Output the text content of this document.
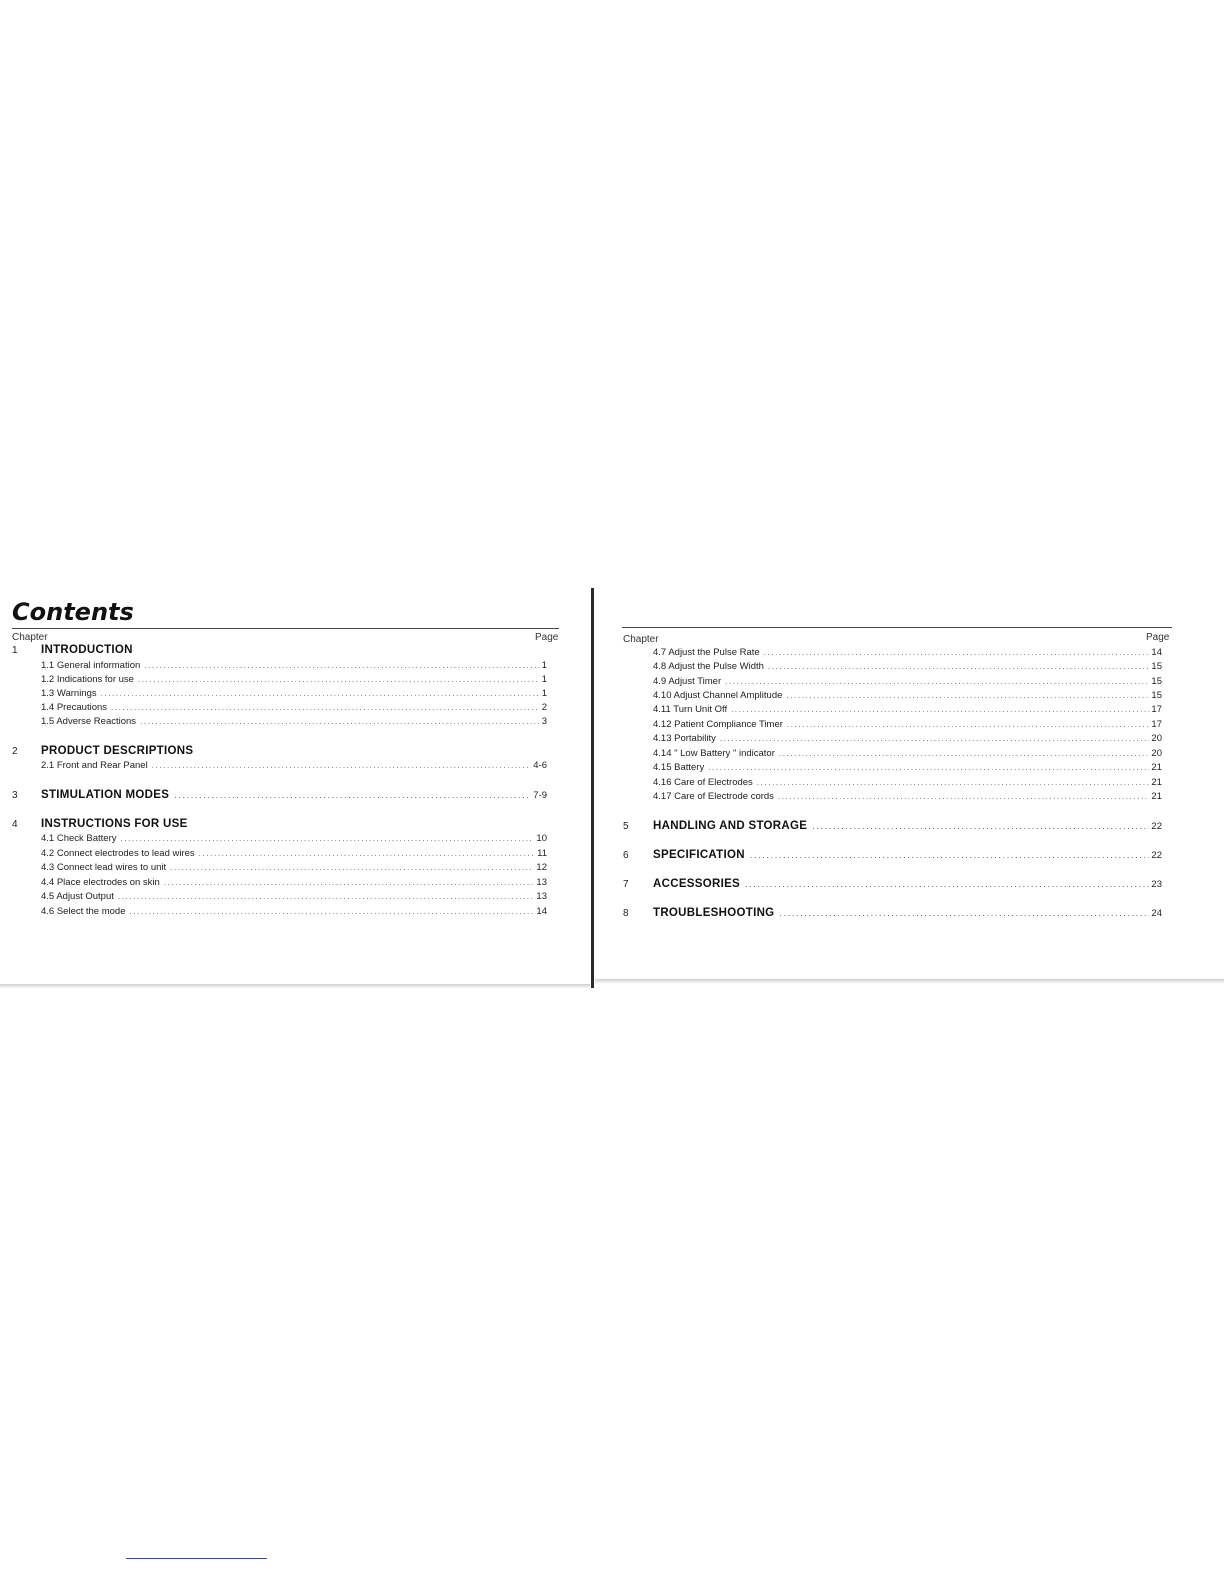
Contents
Chapter	Page
1 INTRODUCTION
1.1 General information .....	1
1.2 Indications for use .....	1
1.3 Warnings .....	1
1.4 Precautions .....	2
1.5 Adverse Reactions .....	3
2 PRODUCT DESCRIPTIONS
2.1 Front and Rear Panel .....	4-6
3 STIMULATION MODES .....	7-9
4 INSTRUCTIONS FOR USE
4.1 Check Battery .....	10
4.2 Connect electrodes to lead wires .....	11
4.3 Connect lead wires to unit .....	12
4.4 Place electrodes on skin .....	13
4.5 Adjust Output .....	13
4.6 Select the mode .....	14
Chapter	Page
4.7 Adjust the Pulse Rate .....	14
4.8 Adjust the Pulse Width .....	15
4.9 Adjust Timer .....	15
4.10 Adjust Channel Amplitude .....	15
4.11 Turn Unit Off .....	17
4.12 Patient Compliance Timer .....	17
4.13 Portability .....	20
4.14 " Low Battery " indicator .....	20
4.15 Battery .....	21
4.16 Care of Electrodes .....	21
4.17 Care of Electrode cords .....	21
5 HANDLING AND STORAGE .....	22
6 SPECIFICATION .....	22
7 ACCESSORIES .....	23
8 TROUBLESHOOTING .....	24
